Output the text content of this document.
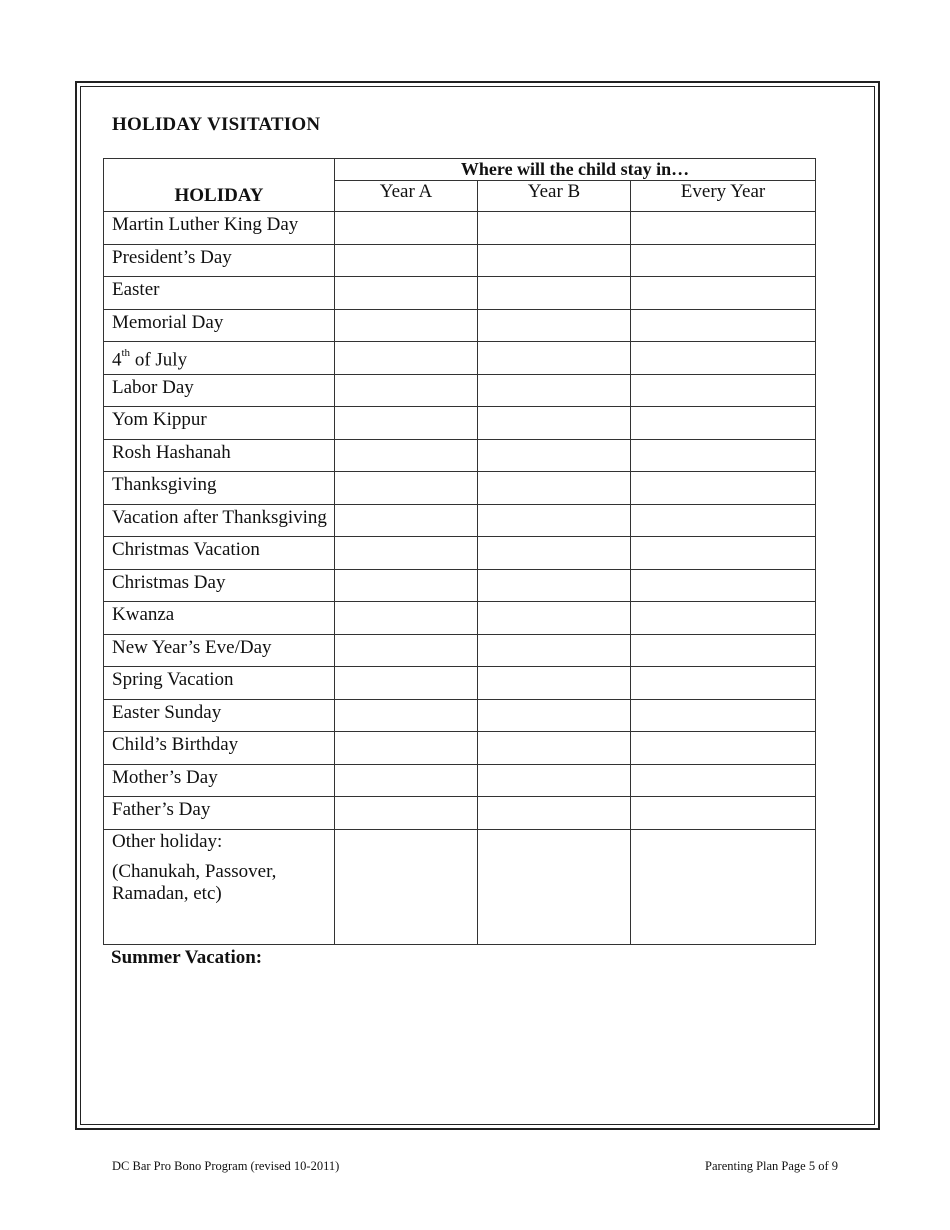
HOLIDAY VISITATION
HOLIDAY	Where will the child stay in…		
	Year A	Year B	Every Year
Martin Luther King Day			
President’s Day			
Easter			
Memorial Day			
4th of July			
Labor Day			
Yom Kippur			
Rosh Hashanah			
Thanksgiving			
Vacation after Thanksgiving			
Christmas Vacation			
Christmas Day			
Kwanza			
New Year’s Eve/Day			
Spring Vacation			
Easter Sunday			
Child’s Birthday			
Mother’s Day			
Father’s Day			

Other holiday:
(Chanukah, Passover, Ramadan, etc)			

Summer Vacation:
DC Bar Pro Bono Program (revised 10-2011)	Parenting Plan Page 5 of 9
